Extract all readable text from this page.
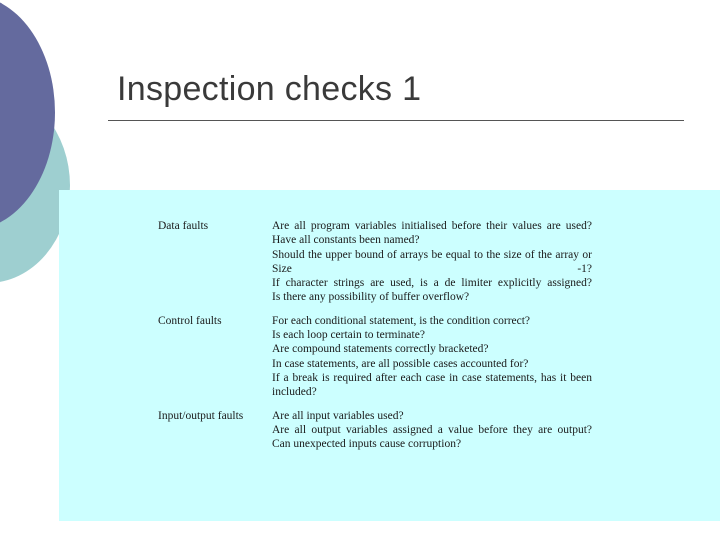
Inspection checks 1
Data faults	Are all program variables initialised before their values are used?
Have all constants been named?
Should the upper bound of arrays be equal to the size of the array or Size -1?
If character strings are used, is a de limiter explicitly assigned?
Is there any possibility of buffer overflow?

Control faults	For each conditional statement, is the condition correct?
Is each loop certain to terminate?
Are compound statements correctly bracketed?
In case statements, are all possible cases accounted for?
If a break is required after each case in case statements, has it been included?

Input/output faults	Are all input variables used?
Are all output variables assigned a value before they are output?
Can unexpected inputs cause corruption?
